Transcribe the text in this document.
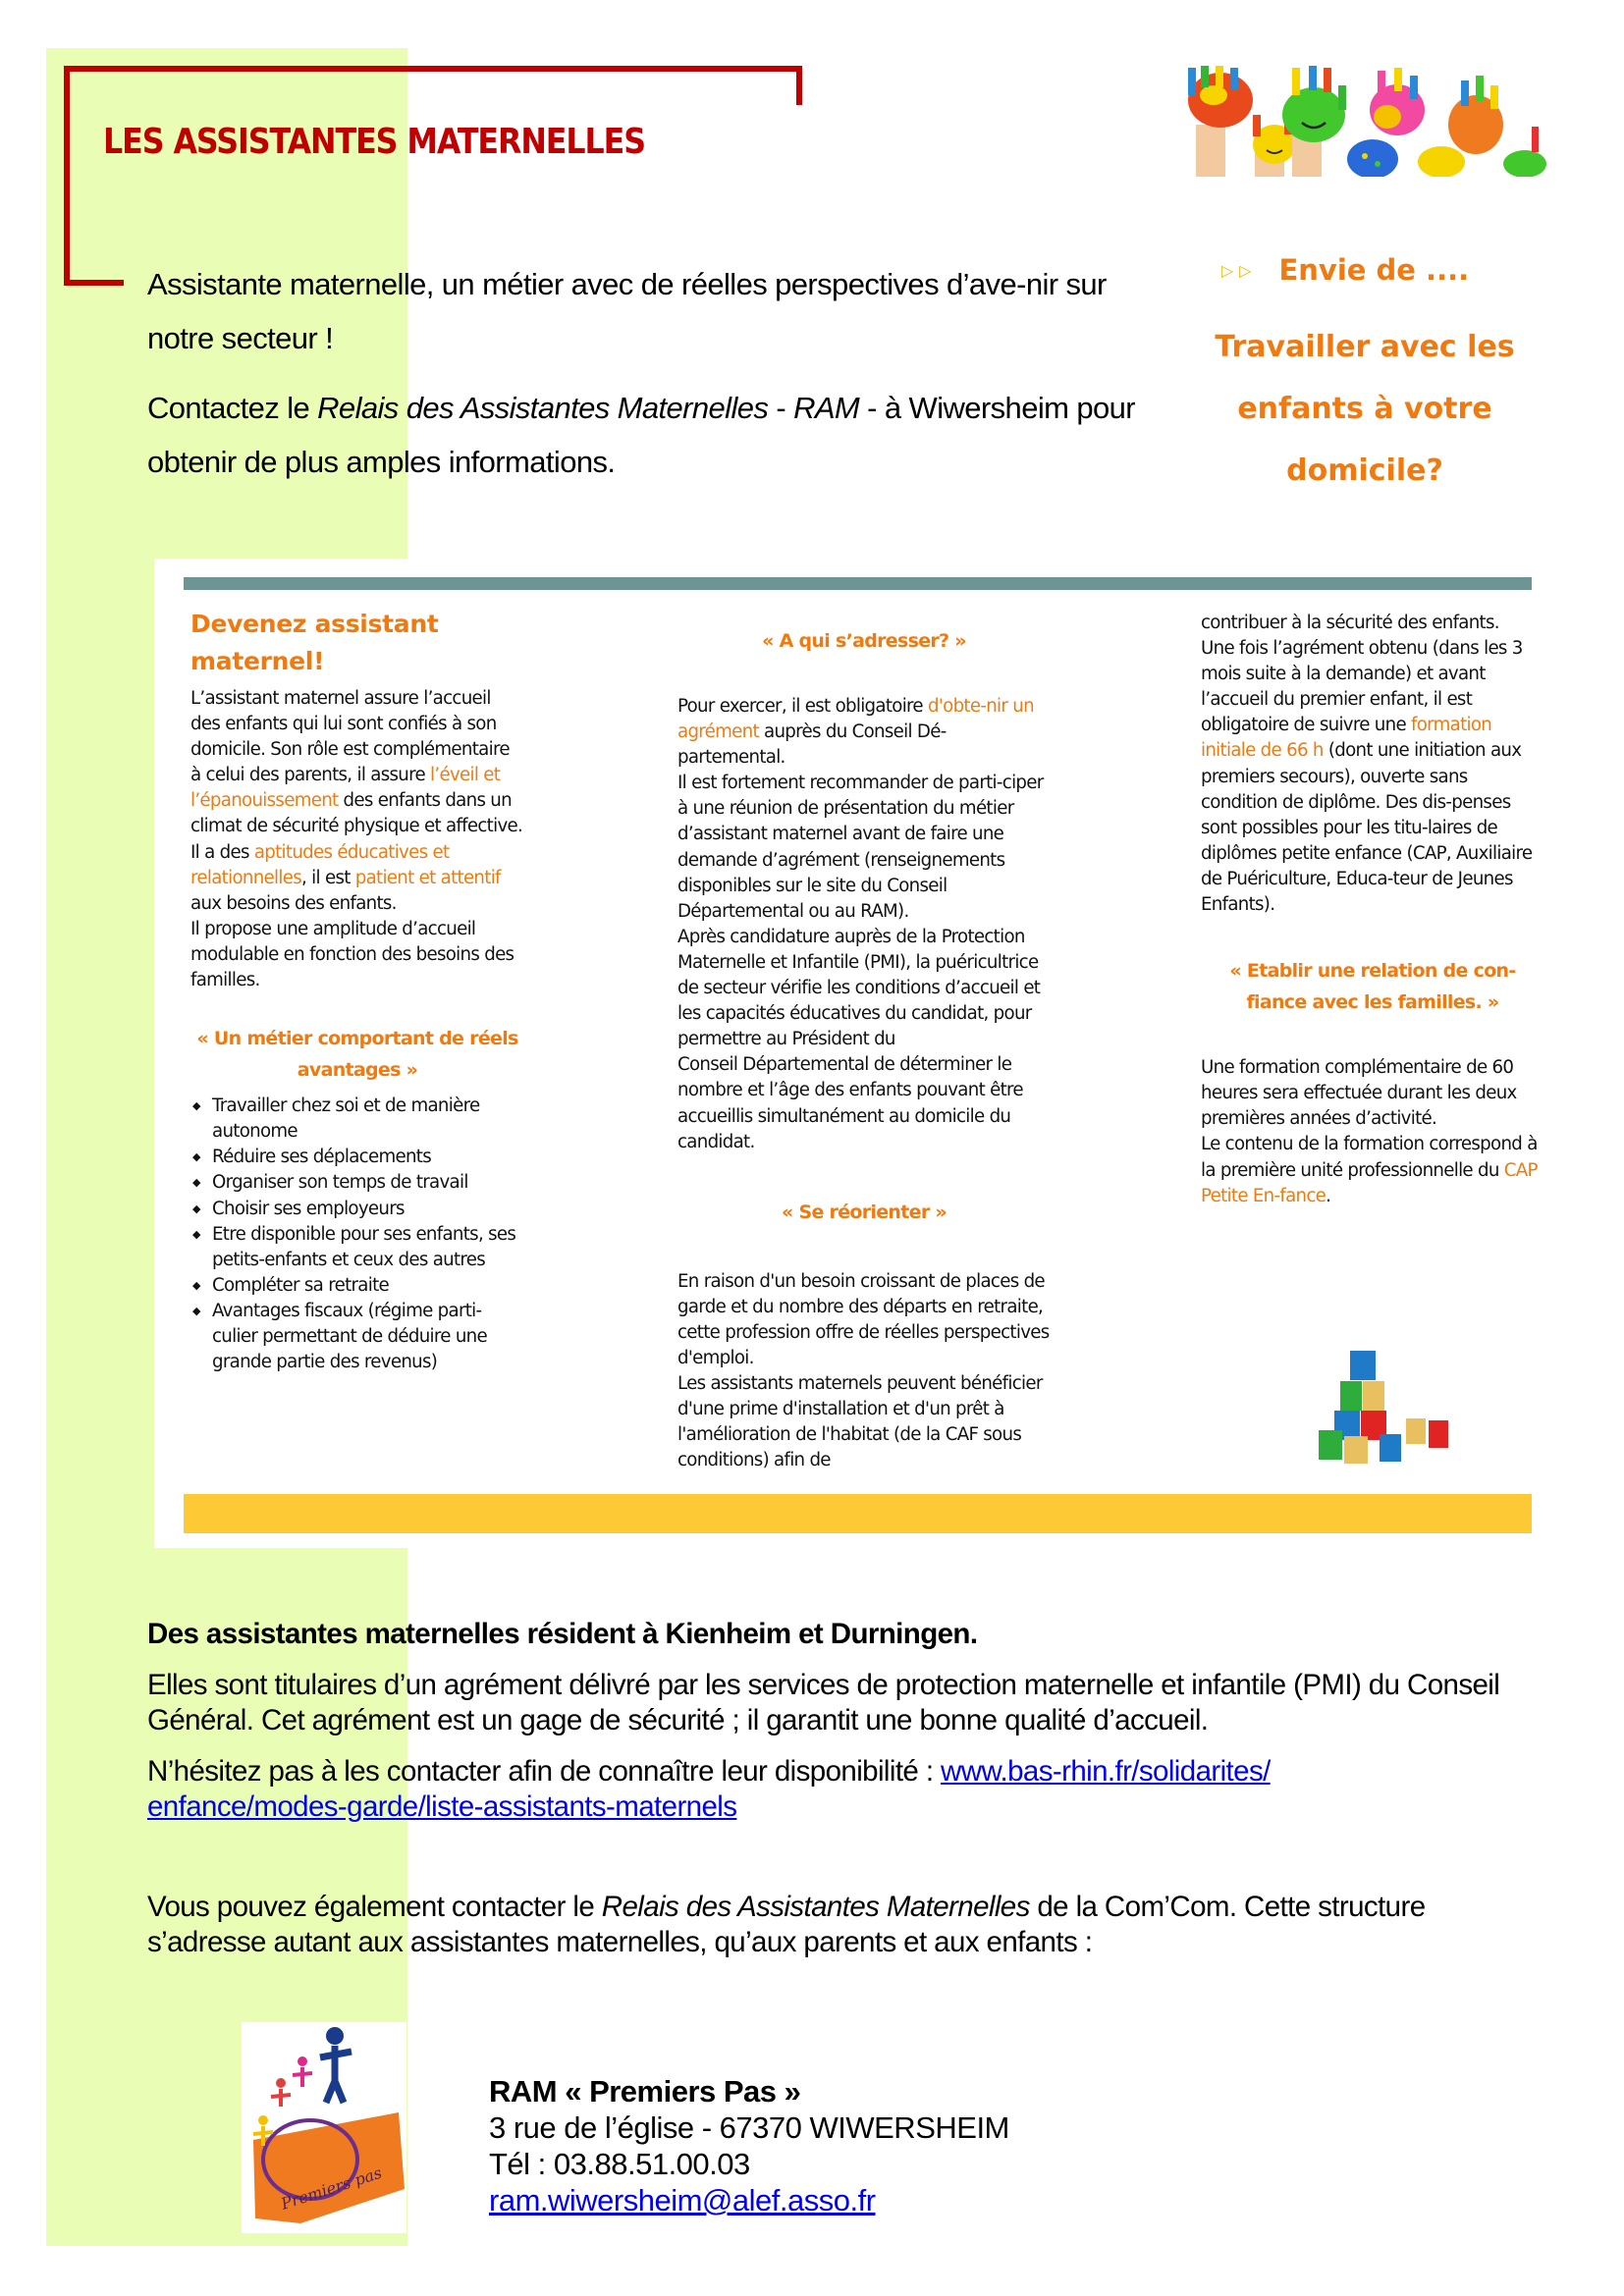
LES ASSISTANTES MATERNELLES

Assistante maternelle, un métier avec de réelles perspectives d’ave-nir sur notre secteur !

Contactez le Relais des Assistantes Maternelles - RAM - à Wiwersheim pour obtenir de plus amples informations.

▷▷ Envie de ....
Travailler avec les
enfants à votre
domicile?
Devenez assistant maternel!

L’assistant maternel assure l’accueil des enfants qui lui sont confiés à son domicile. Son rôle est complémentaire à celui des parents, il assure l’éveil et l’épanouissement des enfants dans un climat de sécurité physique et affective.

Il a des aptitudes éducatives et relationnelles, il est patient et attentif aux besoins des enfants.

Il propose une amplitude d’accueil modulable en fonction des besoins des familles.

« Un métier comportant de réels avantages »
◆ Travailler chez soi et de manière autonome
◆ Réduire ses déplacements
◆ Organiser son temps de travail
◆ Choisir ses employeurs
◆ Etre disponible pour ses enfants, ses petits-enfants et ceux des autres
◆ Compléter sa retraite
◆ Avantages fiscaux (régime parti-culier permettant de déduire une grande partie des revenus)
« A qui s’adresser? »

Pour exercer, il est obligatoire d'obte-nir un agrément auprès du Conseil Dé-partemental.

Il est fortement recommander de parti-ciper à une réunion de présentation du métier d’assistant maternel avant de faire une demande d’agrément (renseignements disponibles sur le site du Conseil Départemental ou au RAM).

Après candidature auprès de la Protection Maternelle et Infantile (PMI), la puéricultrice de secteur vérifie les conditions d’accueil et les capacités éducatives du candidat, pour permettre au Président du

Conseil Départemental de déterminer le nombre et l’âge des enfants pouvant être accueillis simultanément au domicile du candidat.

« Se réorienter »

En raison d'un besoin croissant de places de garde et du nombre des départs en retraite, cette profession offre de réelles perspectives d'emploi.

Les assistants maternels peuvent bénéficier d'une prime d'installation et d'un prêt à l'amélioration de l'habitat (de la CAF sous conditions) afin de

contribuer à la sécurité des enfants.

Une fois l’agrément obtenu (dans les 3 mois suite à la demande) et avant

l’accueil du premier enfant, il est obligatoire de suivre une formation initiale de 66 h (dont une initiation aux premiers secours), ouverte sans condition de diplôme. Des dis-penses sont possibles pour les titu-laires de

diplômes petite enfance (CAP, Auxiliaire de Puériculture, Educa-teur de Jeunes Enfants).

« Etablir une relation de con-fiance avec les familles. »

Une formation complémentaire de 60 heures sera effectuée durant les deux premières années d’activité.

Le contenu de la formation correspond à la première unité professionnelle du CAP Petite En-fance.

Des assistantes maternelles résident à Kienheim et Durningen.

Elles sont titulaires d’un agrément délivré par les services de protection maternelle et infantile (PMI) du Conseil Général. Cet agrément est un gage de sécurité ; il garantit une bonne qualité d’accueil.

N’hésitez pas à les contacter afin de connaître leur disponibilité : www.bas-rhin.fr/solidarites/
enfance/modes-garde/liste-assistants-maternels

Vous pouvez également contacter le Relais des Assistantes Maternelles de la Com’Com. Cette structure s’adresse autant aux assistantes maternelles, qu’aux parents et aux enfants :

Premiers pas
RAM « Premiers Pas »
3 rue de l’église - 67370 WIWERSHEIM
Tél : 03.88.51.00.03
ram.wiwersheim@alef.asso.fr
